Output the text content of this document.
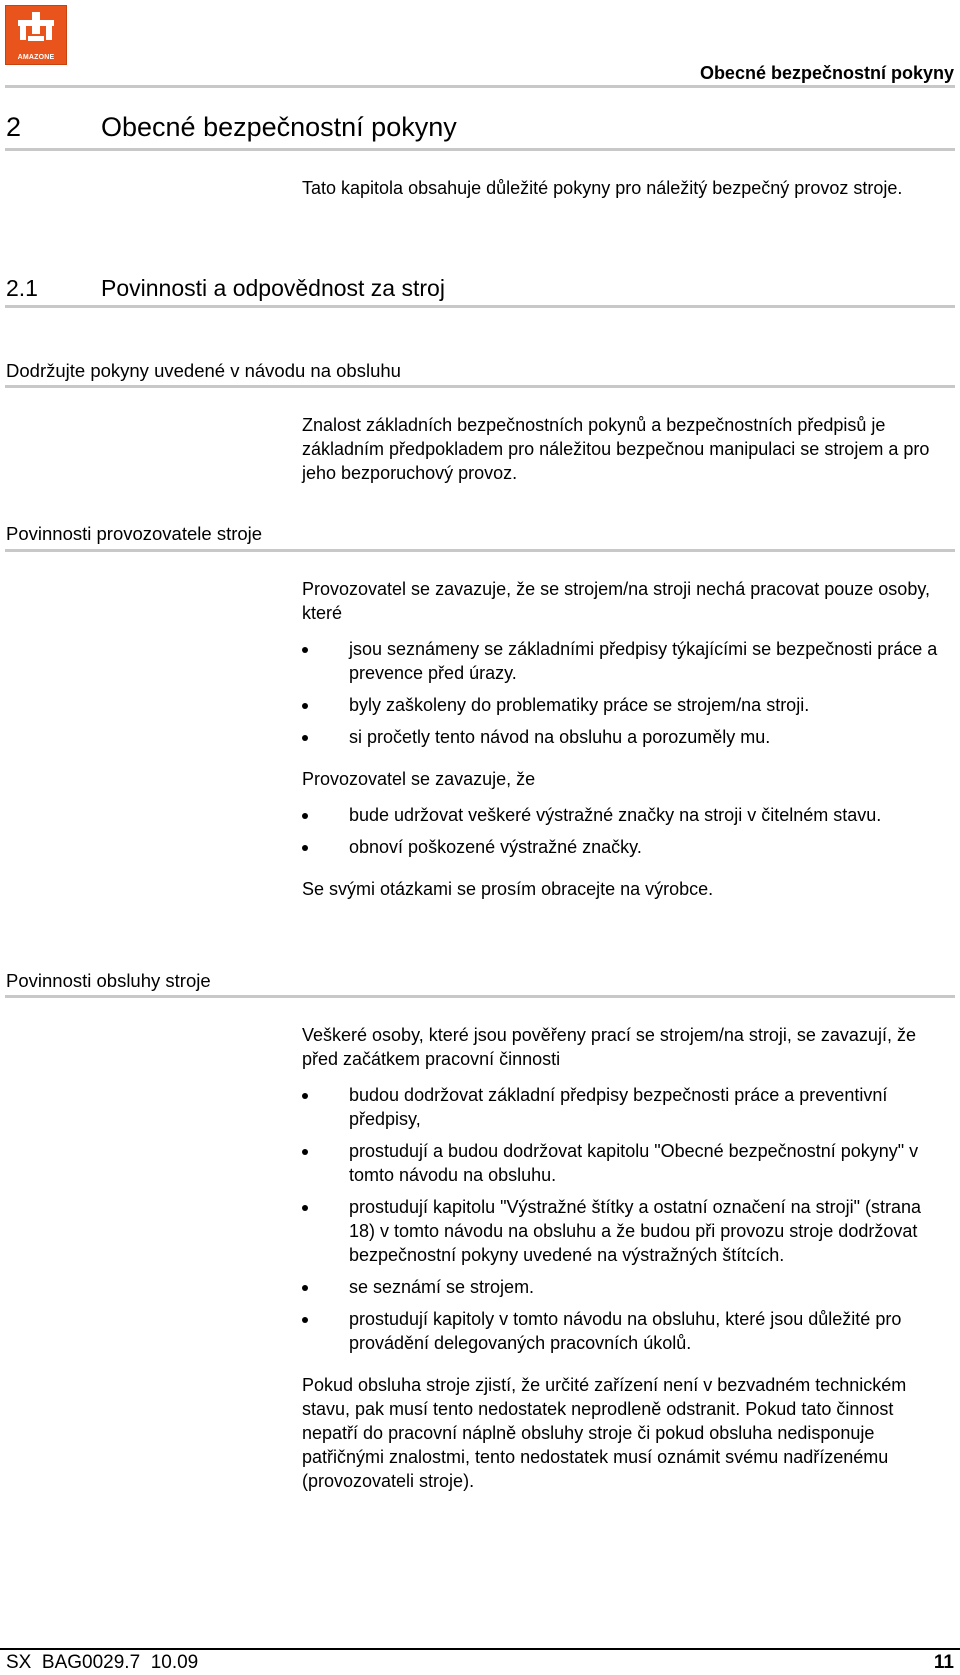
AMAZONE
Obecné bezpečnostní pokyny
2	Obecné bezpečnostní pokyny
Tato kapitola obsahuje důležité pokyny pro náležitý bezpečný provoz stroje.
2.1	Povinnosti a odpovědnost za stroj
Dodržujte pokyny uvedené v návodu na obsluhu
Znalost základních bezpečnostních pokynů a bezpečnostních předpisů je základním předpokladem pro náležitou bezpečnou manipulaci se strojem a pro jeho bezporuchový provoz.
Povinnosti provozovatele stroje

Provozovatel se zavazuje, že se strojem/na stroji nechá pracovat pouze osoby, které

jsou seznámeny se základními předpisy týkajícími se bezpečnosti práce a prevence před úrazy.
byly zaškoleny do problematiky práce se strojem/na stroji.
si pročetly tento návod na obsluhu a porozuměly mu.

Provozovatel se zavazuje, že

bude udržovat veškeré výstražné značky na stroji v čitelném stavu.
obnoví poškozené výstražné značky.

Se svými otázkami se prosím obracejte na výrobce.

Povinnosti obsluhy stroje

Veškeré osoby, které jsou pověřeny prací se strojem/na stroji, se zavazují, že před začátkem pracovní činnosti

budou dodržovat základní předpisy bezpečnosti práce a preventivní předpisy,
prostudují a budou dodržovat kapitolu "Obecné bezpečnostní pokyny" v tomto návodu na obsluhu.
prostudují kapitolu "Výstražné štítky a ostatní označení na stroji" (strana 18) v tomto návodu na obsluhu a že budou při provozu stroje dodržovat bezpečnostní pokyny uvedené na výstražných štítcích.
se seznámí se strojem.
prostudují kapitoly v tomto návodu na obsluhu, které jsou důležité pro provádění delegovaných pracovních úkolů.

Pokud obsluha stroje zjistí, že určité zařízení není v bezvadném technickém stavu, pak musí tento nedostatek neprodleně odstranit. Pokud tato činnost nepatří do pracovní náplně obsluhy stroje či pokud obsluha nedisponuje patřičnými znalostmi, tento nedostatek musí oznámit svému nadřízenému (provozovateli stroje).

SX  BAG0029.7  10.09	11
